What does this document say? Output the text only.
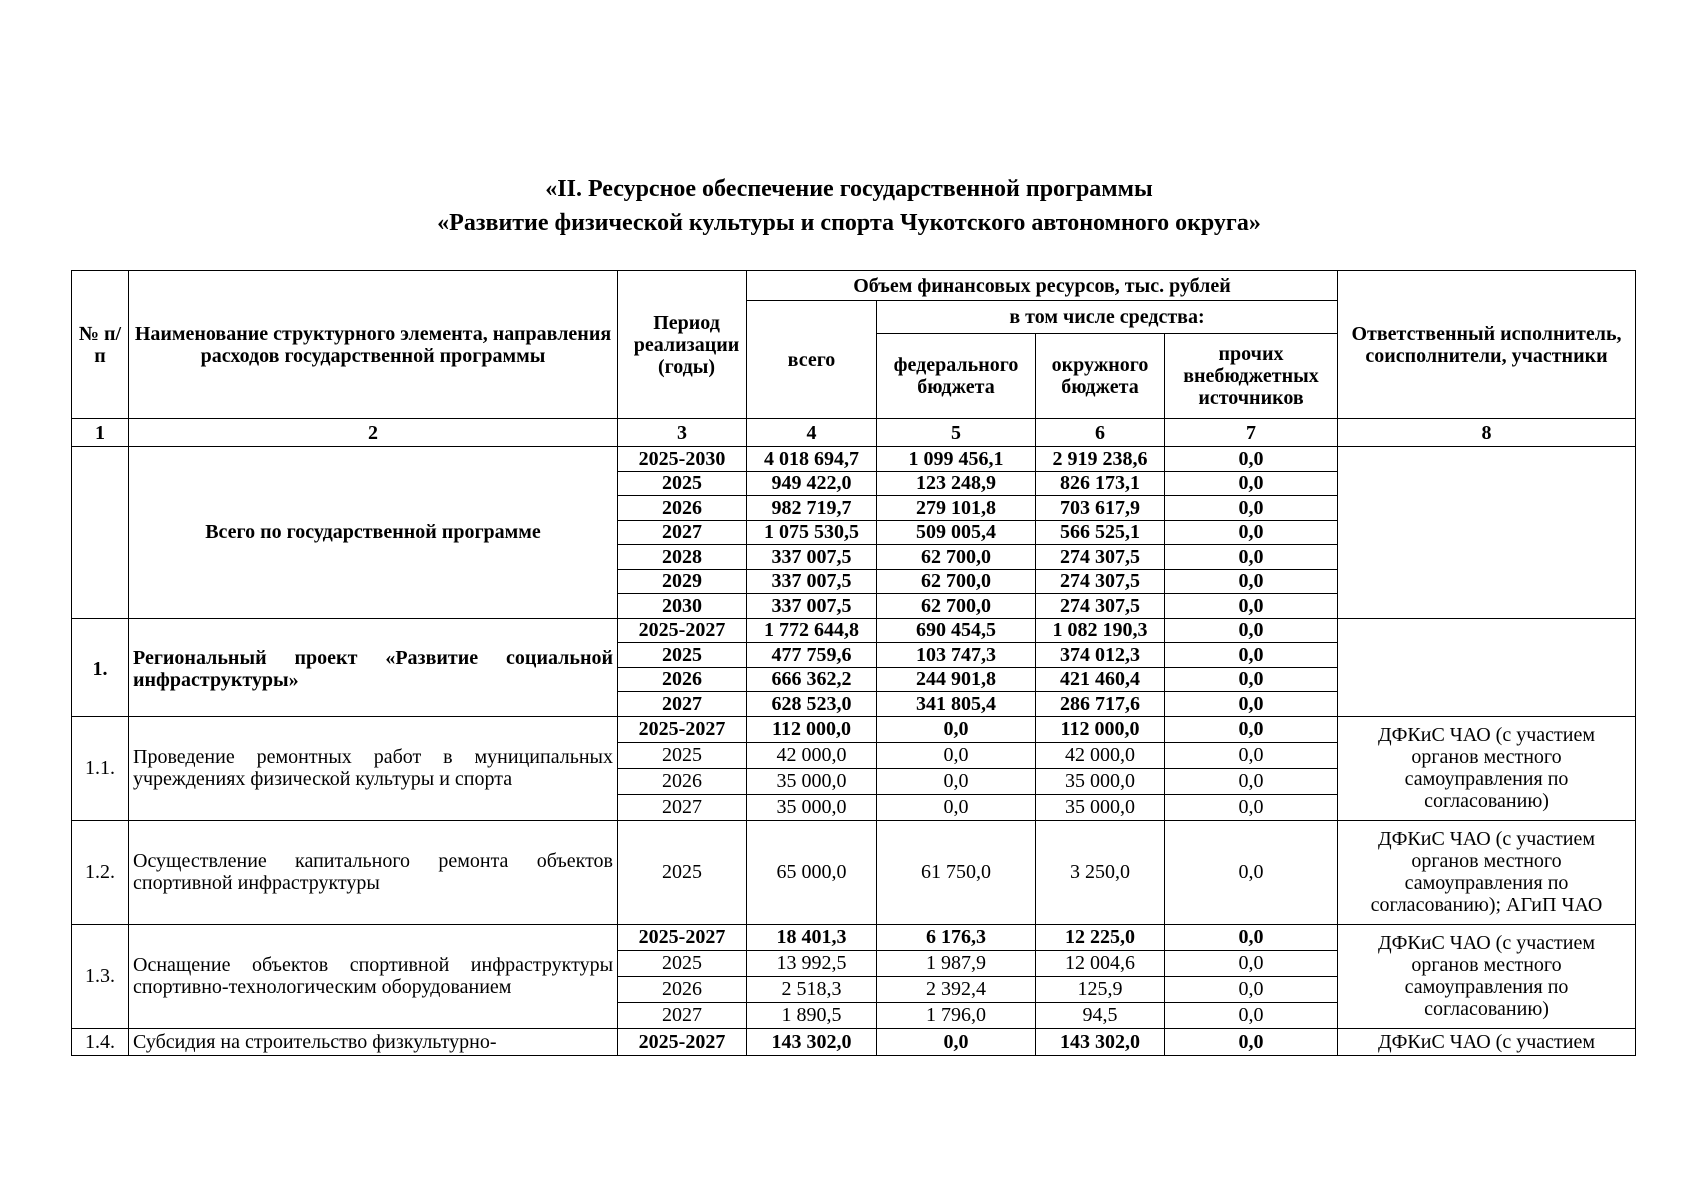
«II. Ресурсное обеспечение государственной программы
«Развитие физической культуры и спорта Чукотского автономного округа»
№ п/п	Наименование структурного элемента, направления расходов государственной программы	Период реализации (годы)	Объем финансовых ресурсов, тыс. рублей				Ответственный исполнитель, соисполнители, участники
			всего	в том числе средства:			
				федерального бюджета	окружного бюджета	прочих внебюджетных источников	
1	2	3	4	5	6	7	8
	Всего по государственной программе	2025-2030	4 018 694,7	1 099 456,1	2 919 238,6	0,0	
		2025	949 422,0	123 248,9	826 173,1	0,0	
		2026	982 719,7	279 101,8	703 617,9	0,0	
		2027	1 075 530,5	509 005,4	566 525,1	0,0	
		2028	337 007,5	62 700,0	274 307,5	0,0	
		2029	337 007,5	62 700,0	274 307,5	0,0	
		2030	337 007,5	62 700,0	274 307,5	0,0	
1.	Региональный проект «Развитие социальной инфраструктуры»	2025-2027	1 772 644,8	690 454,5	1 082 190,3	0,0	
		2025	477 759,6	103 747,3	374 012,3	0,0	
		2026	666 362,2	244 901,8	421 460,4	0,0	
		2027	628 523,0	341 805,4	286 717,6	0,0	
1.1.	Проведение ремонтных работ в муниципальных учреждениях физической культуры и спорта	2025-2027	112 000,0	0,0	112 000,0	0,0	ДФКиС ЧАО (с участием органов местного самоуправления по согласованию)
		2025	42 000,0	0,0	42 000,0	0,0	
		2026	35 000,0	0,0	35 000,0	0,0	
		2027	35 000,0	0,0	35 000,0	0,0	
1.2.	Осуществление капитального ремонта объектов спортивной инфраструктуры	2025	65 000,0	61 750,0	3 250,0	0,0	ДФКиС ЧАО (с участием органов местного самоуправления по согласованию); АГиП ЧАО
1.3.	Оснащение объектов спортивной инфраструктуры спортивно-технологическим оборудованием	2025-2027	18 401,3	6 176,3	12 225,0	0,0	ДФКиС ЧАО (с участием органов местного самоуправления по согласованию)
		2025	13 992,5	1 987,9	12 004,6	0,0	
		2026	2 518,3	2 392,4	125,9	0,0	
		2027	1 890,5	1 796,0	94,5	0,0	
1.4.	Субсидия на строительство физкультурно-	2025-2027	143 302,0	0,0	143 302,0	0,0	ДФКиС ЧАО (с участием
